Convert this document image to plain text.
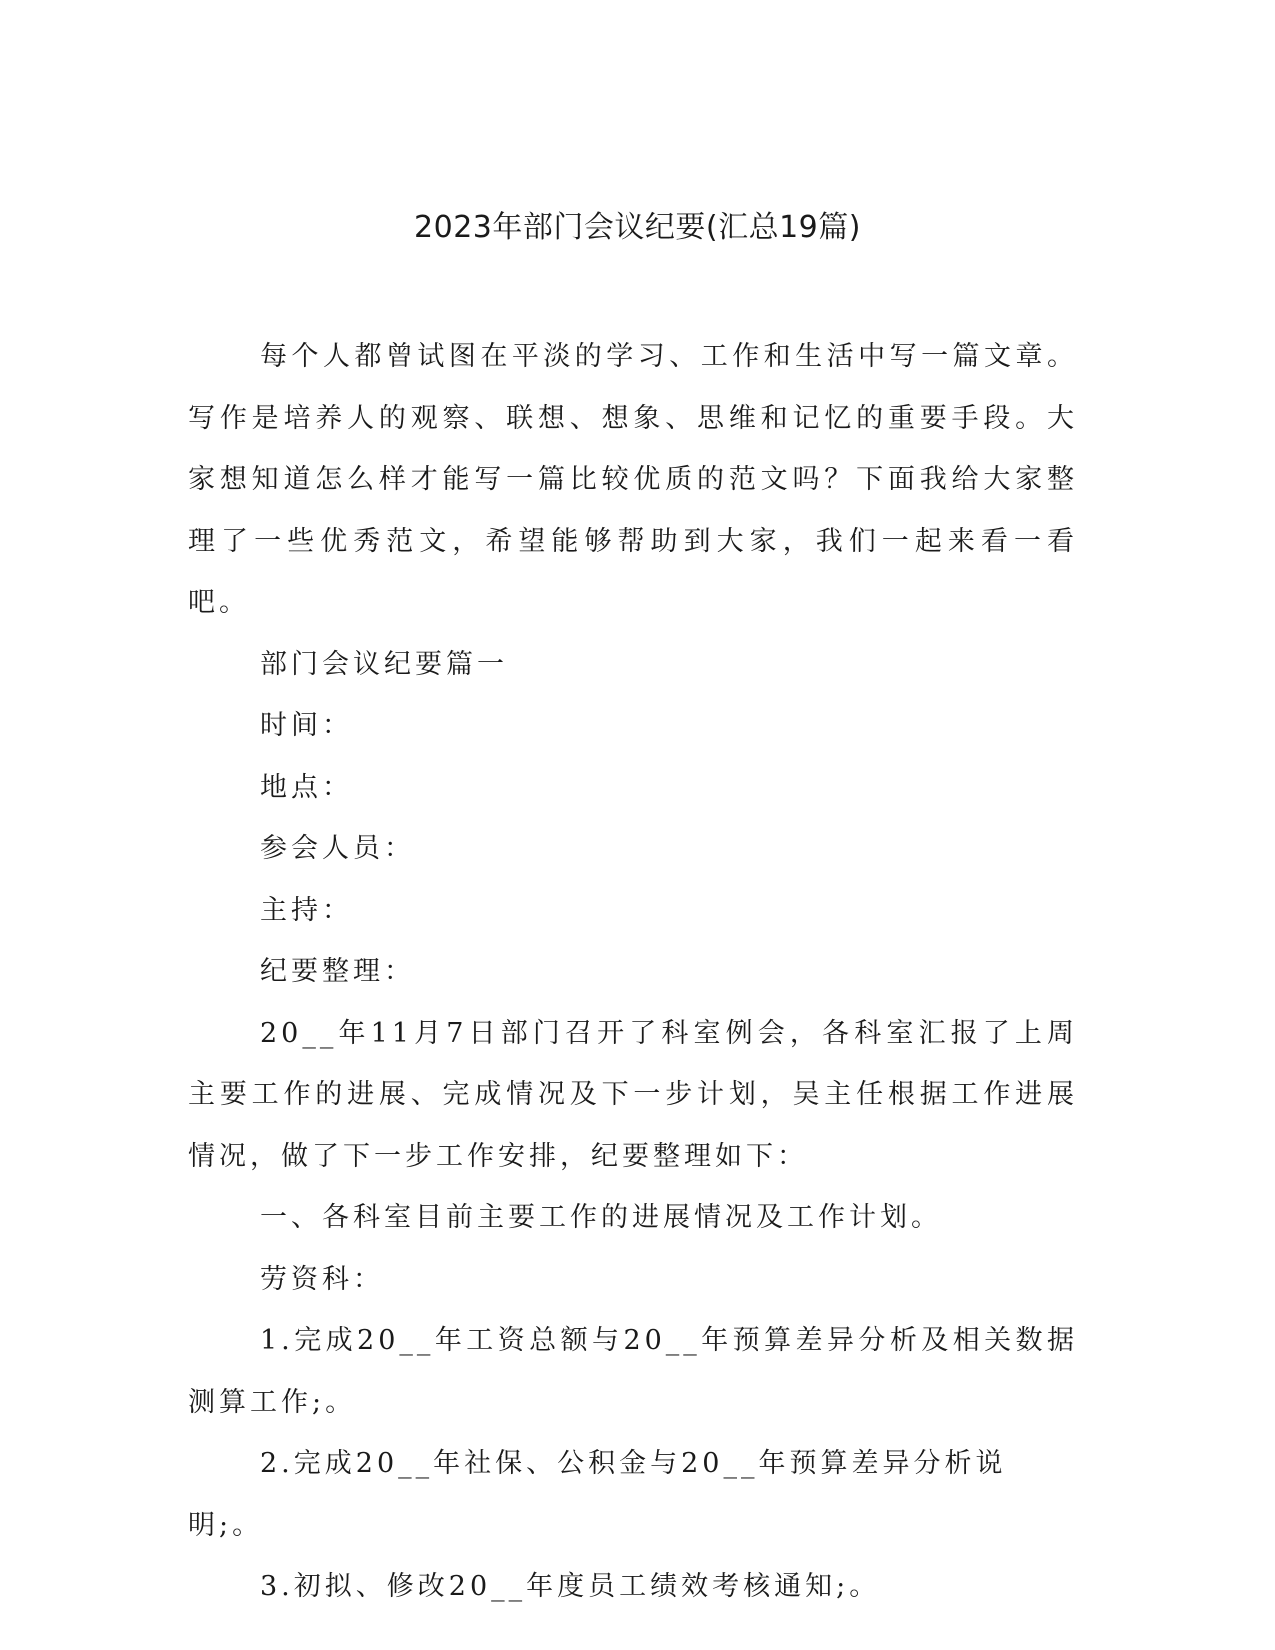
2023年部门会议纪要(汇总19篇)

每个人都曾试图在平淡的学习、工作和生活中写一篇文章。写作是培养人的观察、联想、想象、思维和记忆的重要手段。大家想知道怎么样才能写一篇比较优质的范文吗？下面我给大家整理了一些优秀范文，希望能够帮助到大家，我们一起来看一看吧。

部门会议纪要篇一

时间：

地点：

参会人员：

主持：

纪要整理：

20__年11月7日部门召开了科室例会，各科室汇报了上周主要工作的进展、完成情况及下一步计划，吴主任根据工作进展情况，做了下一步工作安排，纪要整理如下：

一、各科室目前主要工作的进展情况及工作计划。

劳资科：

1.完成20__年工资总额与20__年预算差异分析及相关数据测算工作;。

2.完成20__年社保、公积金与20__年预算差异分析说明;。

3.初拟、修改20__年度员工绩效考核通知;。
